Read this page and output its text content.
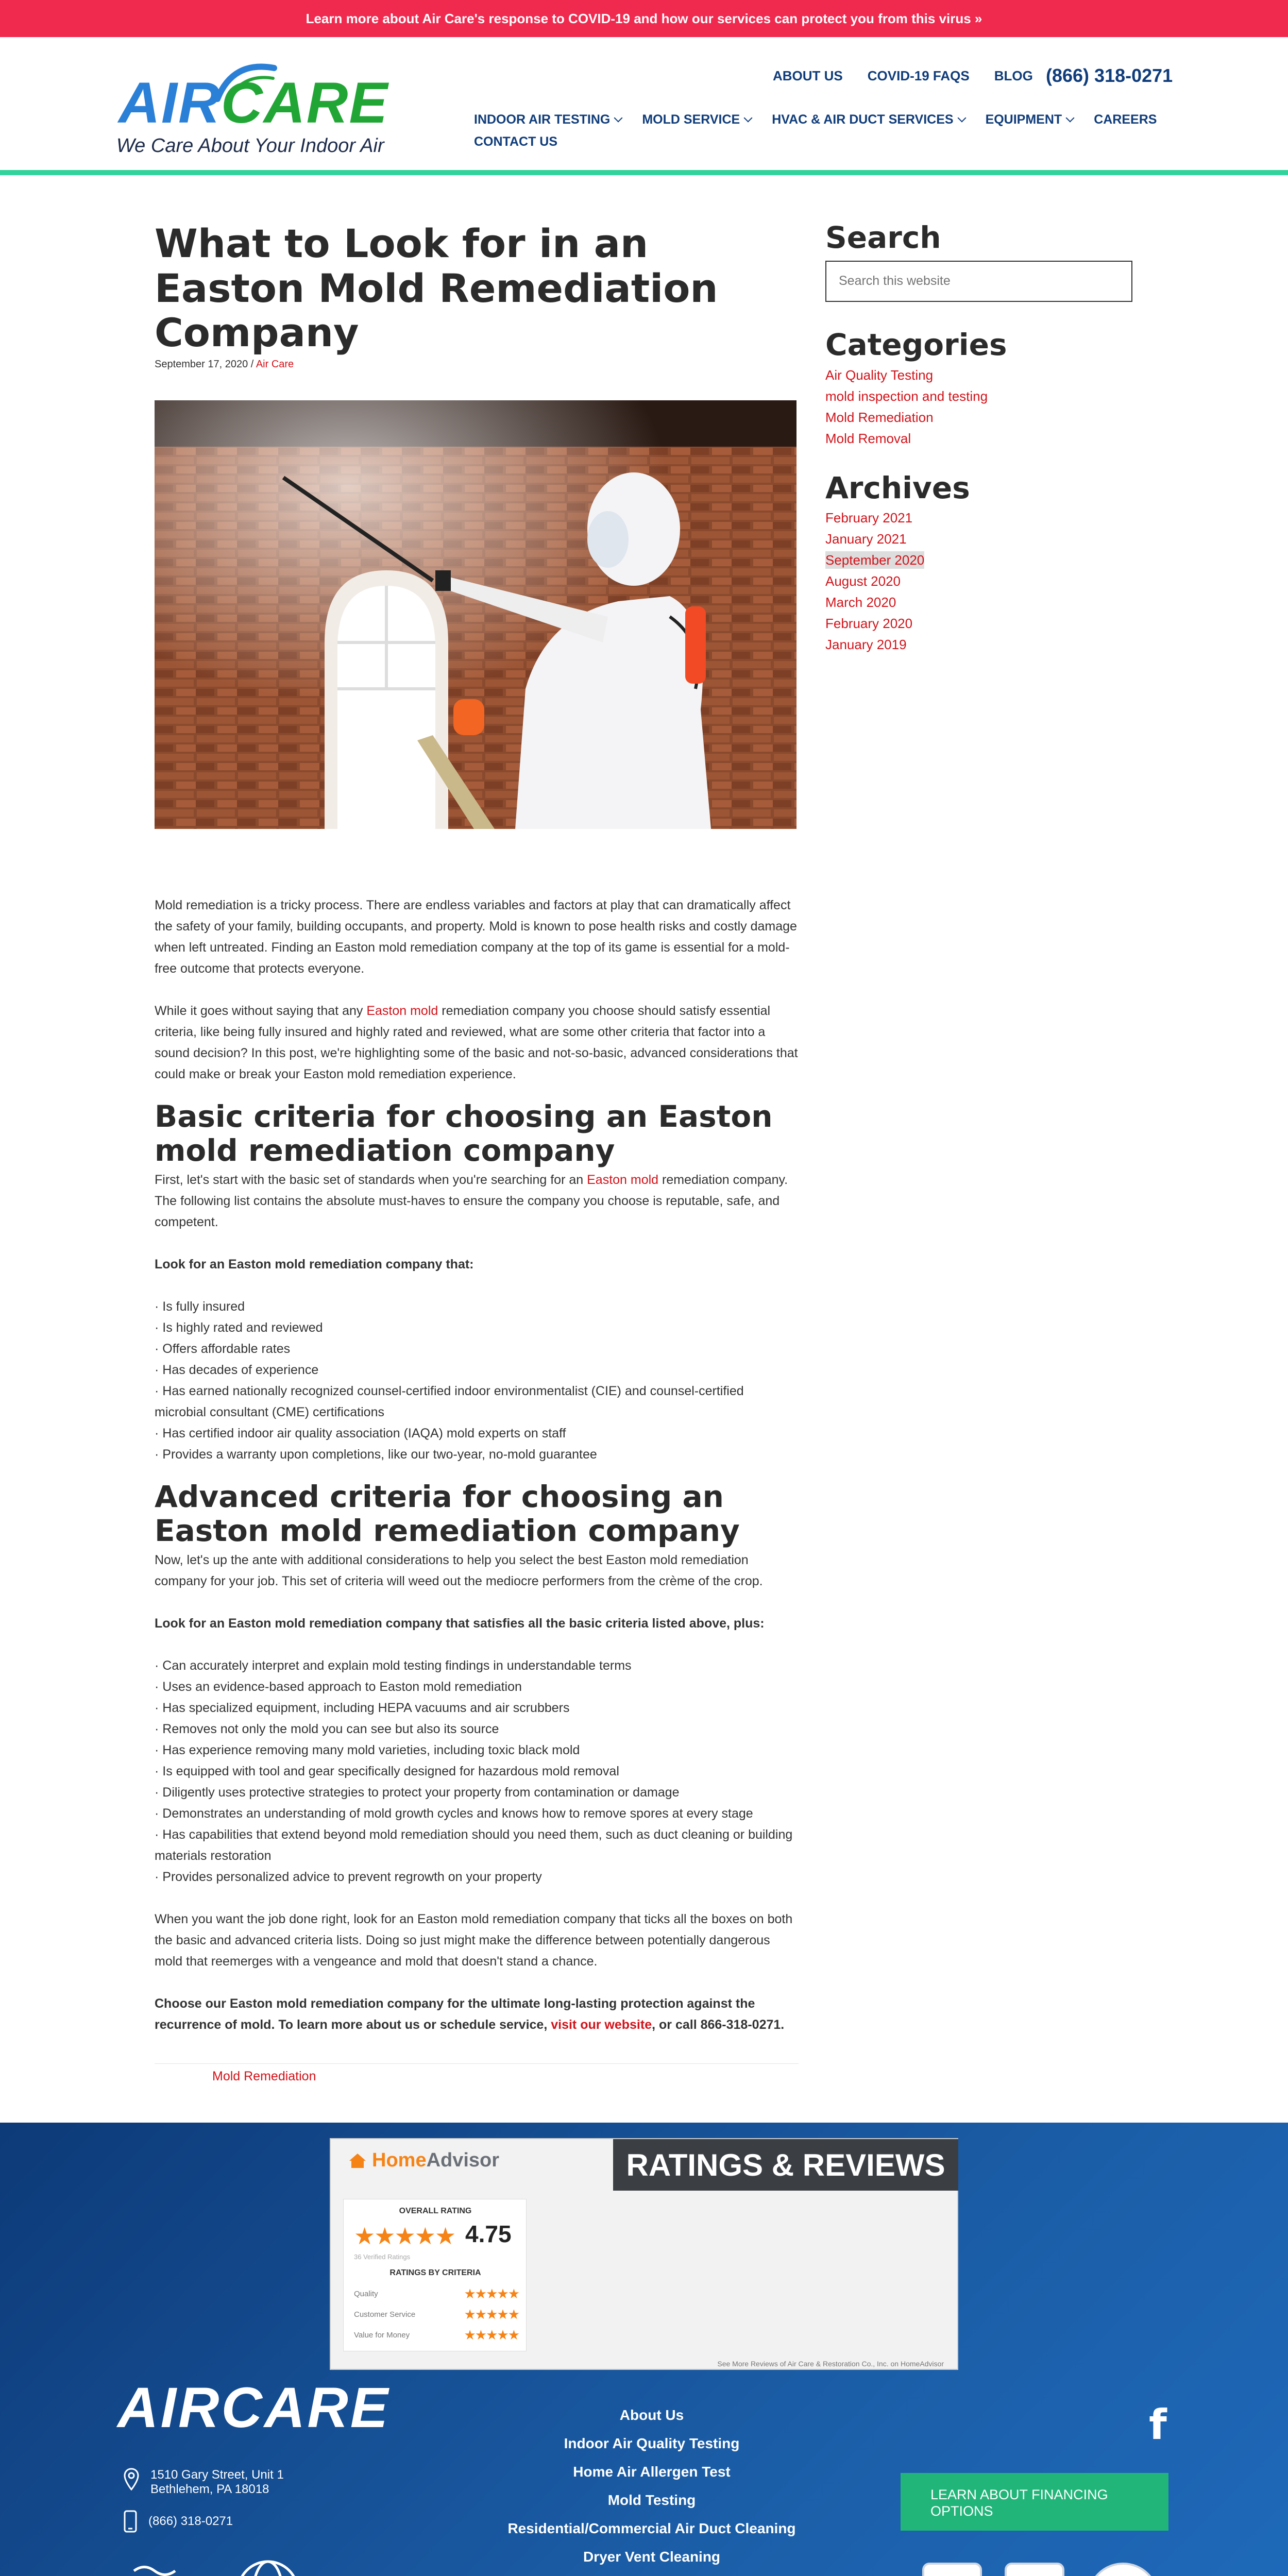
Learn more about Air Care's response to COVID-19 and how our services can protect you from this virus »
AIRCARE
We Care About Your Indoor Air
ABOUT US COVID-19 FAQS BLOG (866) 318-0271
INDOOR AIR TESTING MOLD SERVICE HVAC & AIR DUCT SERVICES EQUIPMENT CAREERS
CONTACT US
What to Look for in an Easton Mold Remediation Company
September 17, 2020 / Air Care

Mold remediation is a tricky process. There are endless variables and factors at play that can dramatically affect the safety of your family, building occupants, and property. Mold is known to pose health risks and costly damage when left untreated. Finding an Easton mold remediation company at the top of its game is essential for a mold-free outcome that protects everyone.

While it goes without saying that any Easton mold remediation company you choose should satisfy essential criteria, like being fully insured and highly rated and reviewed, what are some other criteria that factor into a sound decision? In this post, we're highlighting some of the basic and not-so-basic, advanced considerations that could make or break your Easton mold remediation experience.

Basic criteria for choosing an Easton mold remediation company

First, let's start with the basic set of standards when you're searching for an Easton mold remediation company. The following list contains the absolute must-haves to ensure the company you choose is reputable, safe, and competent.

Look for an Easton mold remediation company that:

· Is fully insured
· Is highly rated and reviewed
· Offers affordable rates
· Has decades of experience
· Has earned nationally recognized counsel-certified indoor environmentalist (CIE) and counsel-certified microbial consultant (CME) certifications
· Has certified indoor air quality association (IAQA) mold experts on staff
· Provides a warranty upon completions, like our two-year, no-mold guarantee
Advanced criteria for choosing an Easton mold remediation company

Now, let's up the ante with additional considerations to help you select the best Easton mold remediation company for your job. This set of criteria will weed out the mediocre performers from the crème of the crop.

Look for an Easton mold remediation company that satisfies all the basic criteria listed above, plus:

· Can accurately interpret and explain mold testing findings in understandable terms
· Uses an evidence-based approach to Easton mold remediation
· Has specialized equipment, including HEPA vacuums and air scrubbers
· Removes not only the mold you can see but also its source
· Has experience removing many mold varieties, including toxic black mold
· Is equipped with tool and gear specifically designed for hazardous mold removal
· Diligently uses protective strategies to protect your property from contamination or damage
· Demonstrates an understanding of mold growth cycles and knows how to remove spores at every stage
· Has capabilities that extend beyond mold remediation should you need them, such as duct cleaning or building materials restoration
· Provides personalized advice to prevent regrowth on your property

When you want the job done right, look for an Easton mold remediation company that ticks all the boxes on both the basic and advanced criteria lists. Doing so just might make the difference between potentially dangerous mold that reemerges with a vengeance and mold that doesn't stand a chance.

Choose our Easton mold remediation company for the ultimate long-lasting protection against the recurrence of mold. To learn more about us or schedule service, visit our website, or call 866-318-0271.

Mold Remediation
Search
Search this website
Categories
Air Quality Testing
mold inspection and testing
Mold Remediation
Mold Removal
Archives
February 2021
January 2021
September 2020
August 2020
March 2020
February 2020
January 2019
HomeAdvisor	RATINGS & REVIEWS
OVERALL RATING
★★★★★ 4.75
36 Verified Ratings
RATINGS BY CRITERIA
Quality	★★★★★
Customer Service	★★★★★
Value for Money	★★★★★
See More Reviews of Air Care & Restoration Co., Inc. on HomeAdvisor
AIRCARE
1510 Gary Street, Unit 1
Bethlehem, PA 18018
(866) 318-0271
About Us
Indoor Air Quality Testing
Home Air Allergen Test
Mold Testing
Residential/Commercial Air Duct Cleaning
Dryer Vent Cleaning
f
LEARN ABOUT FINANCING OPTIONS
